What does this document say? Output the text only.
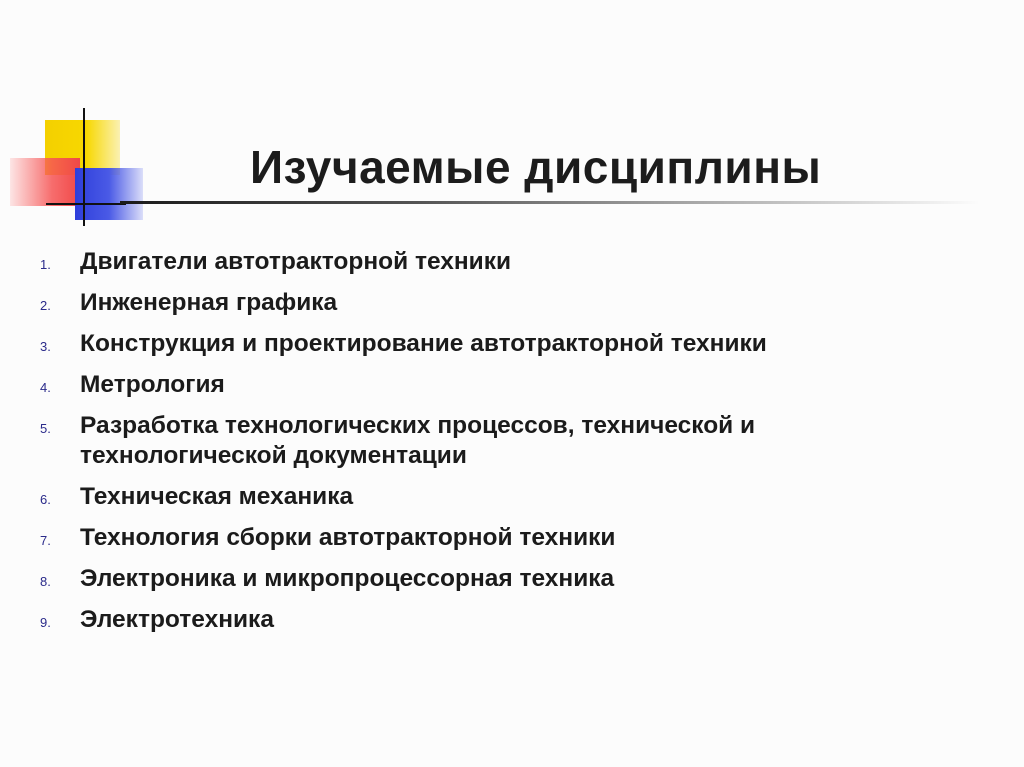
Изучаемые дисциплины
1.	Двигатели автотракторной техники
2.	Инженерная графика
3.	Конструкция и проектирование автотракторной техники
4.	Метрология
5.	Разработка технологических процессов, технической и технологической документации
6.	Техническая механика
7.	Технология сборки автотракторной техники
8.	Электроника и микропроцессорная техника
9.	Электротехника
